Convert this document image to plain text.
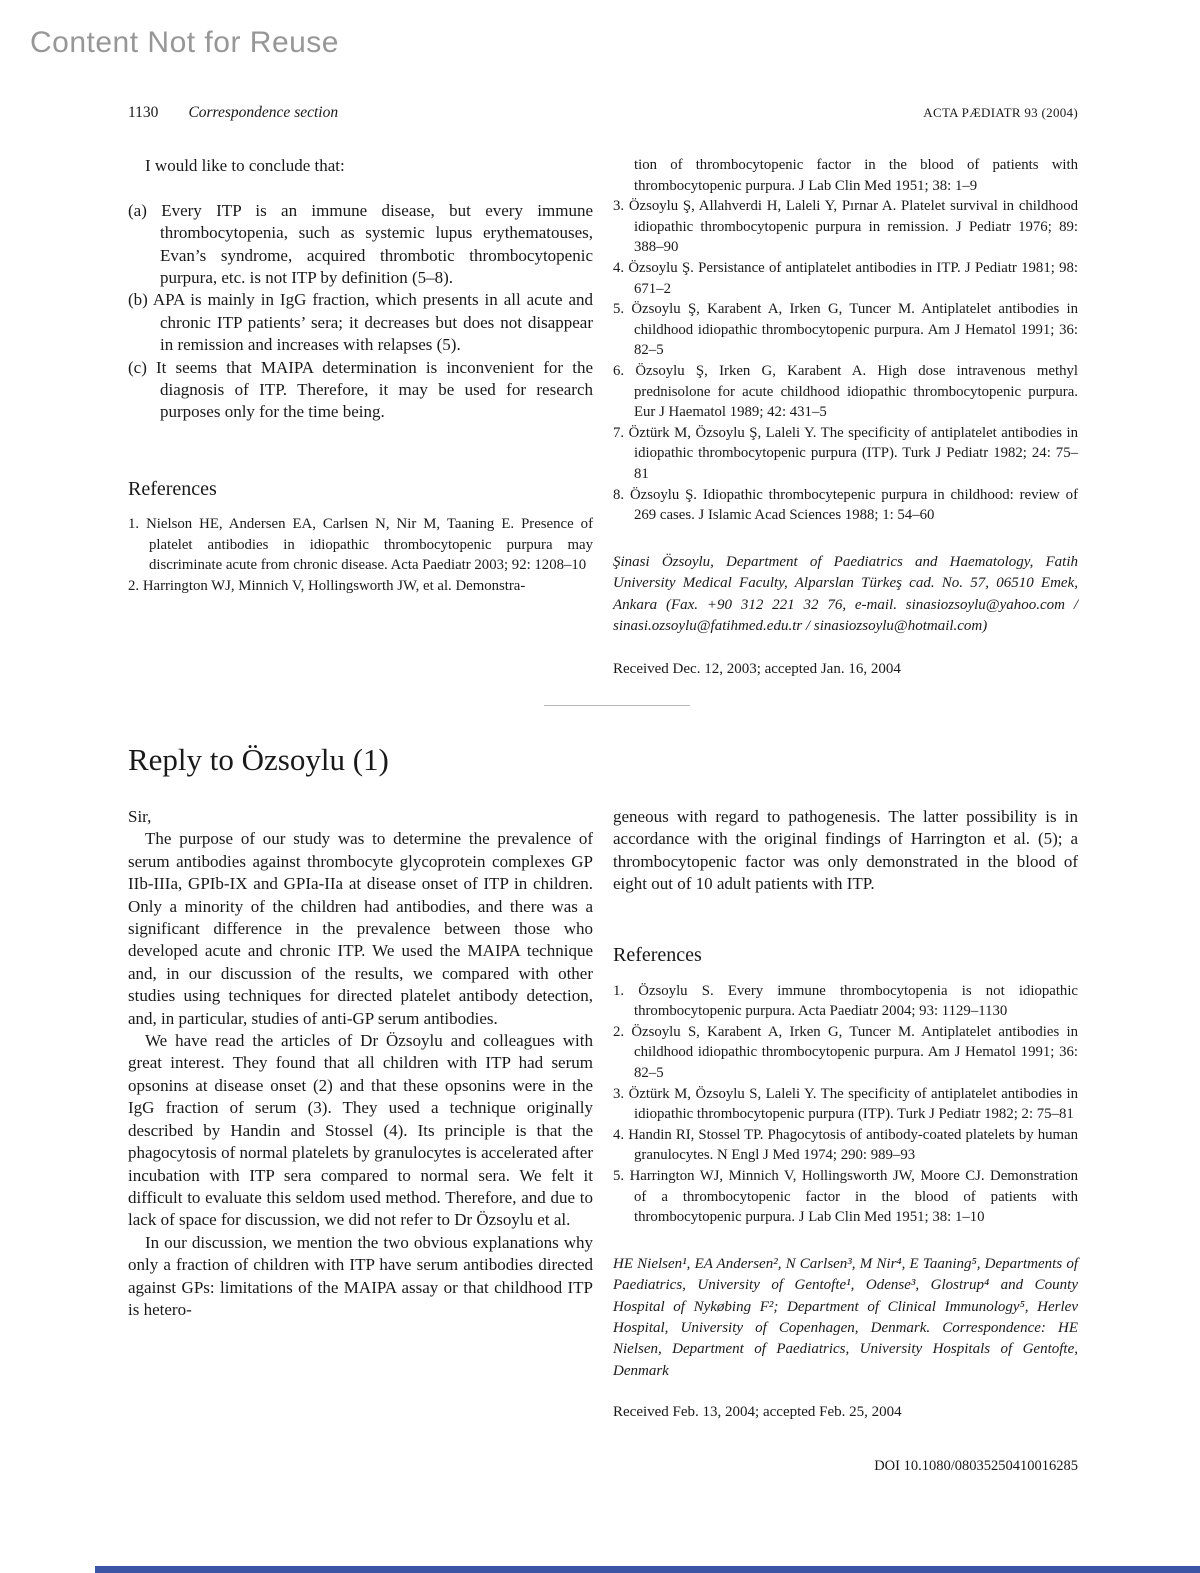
Content Not for Reuse
1130 Correspondence section	ACTA PÆDIATR 93 (2004)
I would like to conclude that:
(a) Every ITP is an immune disease, but every immune thrombocytopenia, such as systemic lupus erythematouses, Evan’s syndrome, acquired thrombotic thrombocytopenic purpura, etc. is not ITP by definition (5–8).
(b) APA is mainly in IgG fraction, which presents in all acute and chronic ITP patients’ sera; it decreases but does not disappear in remission and increases with relapses (5).
(c) It seems that MAIPA determination is inconvenient for the diagnosis of ITP. Therefore, it may be used for research purposes only for the time being.
References
1. Nielson HE, Andersen EA, Carlsen N, Nir M, Taaning E. Presence of platelet antibodies in idiopathic thrombocytopenic purpura may discriminate acute from chronic disease. Acta Paediatr 2003; 92: 1208–10
2. Harrington WJ, Minnich V, Hollingsworth JW, et al. Demonstra-
tion of thrombocytopenic factor in the blood of patients with thrombocytopenic purpura. J Lab Clin Med 1951; 38: 1–9
3. Özsoylu Ş, Allahverdi H, Laleli Y, Pırnar A. Platelet survival in childhood idiopathic thrombocytopenic purpura in remission. J Pediatr 1976; 89: 388–90
4. Özsoylu Ş. Persistance of antiplatelet antibodies in ITP. J Pediatr 1981; 98: 671–2
5. Özsoylu Ş, Karabent A, Irken G, Tuncer M. Antiplatelet antibodies in childhood idiopathic thrombocytopenic purpura. Am J Hematol 1991; 36: 82–5
6. Özsoylu Ş, Irken G, Karabent A. High dose intravenous methyl prednisolone for acute childhood idiopathic thrombocytopenic purpura. Eur J Haematol 1989; 42: 431–5
7. Öztürk M, Özsoylu Ş, Laleli Y. The specificity of antiplatelet antibodies in idiopathic thrombocytopenic purpura (ITP). Turk J Pediatr 1982; 24: 75–81
8. Özsoylu Ş. Idiopathic thrombocytepenic purpura in childhood: review of 269 cases. J Islamic Acad Sciences 1988; 1: 54–60
Şinasi Özsoylu, Department of Paediatrics and Haematology, Fatih University Medical Faculty, Alparslan Türkeş cad. No. 57, 06510 Emek, Ankara (Fax. +90 312 221 32 76, e-mail. sinasiozsoylu@yahoo.com / sinasi.ozsoylu@fatihmed.edu.tr / sinasiozsoylu@hotmail.com)
Received Dec. 12, 2003; accepted Jan. 16, 2004
Reply to Özsoylu (1)
Sir,
The purpose of our study was to determine the prevalence of serum antibodies against thrombocyte glycoprotein complexes GP IIb-IIIa, GPIb-IX and GPIa-IIa at disease onset of ITP in children. Only a minority of the children had antibodies, and there was a significant difference in the prevalence between those who developed acute and chronic ITP. We used the MAIPA technique and, in our discussion of the results, we compared with other studies using techniques for directed platelet antibody detection, and, in particular, studies of anti-GP serum antibodies.
We have read the articles of Dr Özsoylu and colleagues with great interest. They found that all children with ITP had serum opsonins at disease onset (2) and that these opsonins were in the IgG fraction of serum (3). They used a technique originally described by Handin and Stossel (4). Its principle is that the phagocytosis of normal platelets by granulocytes is accelerated after incubation with ITP sera compared to normal sera. We felt it difficult to evaluate this seldom used method. Therefore, and due to lack of space for discussion, we did not refer to Dr Özsoylu et al.
In our discussion, we mention the two obvious explanations why only a fraction of children with ITP have serum antibodies directed against GPs: limitations of the MAIPA assay or that childhood ITP is hetero-
geneous with regard to pathogenesis. The latter possibility is in accordance with the original findings of Harrington et al. (5); a thrombocytopenic factor was only demonstrated in the blood of eight out of 10 adult patients with ITP.
References
1. Özsoylu S. Every immune thrombocytopenia is not idiopathic thrombocytopenic purpura. Acta Paediatr 2004; 93: 1129–1130
2. Özsoylu S, Karabent A, Irken G, Tuncer M. Antiplatelet antibodies in childhood idiopathic thrombocytopenic purpura. Am J Hematol 1991; 36: 82–5
3. Öztürk M, Özsoylu S, Laleli Y. The specificity of antiplatelet antibodies in idiopathic thrombocytopenic purpura (ITP). Turk J Pediatr 1982; 2: 75–81
4. Handin RI, Stossel TP. Phagocytosis of antibody-coated platelets by human granulocytes. N Engl J Med 1974; 290: 989–93
5. Harrington WJ, Minnich V, Hollingsworth JW, Moore CJ. Demonstration of a thrombocytopenic factor in the blood of patients with thrombocytopenic purpura. J Lab Clin Med 1951; 38: 1–10
HE Nielsen¹, EA Andersen², N Carlsen³, M Nir⁴, E Taaning⁵, Departments of Paediatrics, University of Gentofte¹, Odense³, Glostrup⁴ and County Hospital of Nykøbing F²; Department of Clinical Immunology⁵, Herlev Hospital, University of Copenhagen, Denmark. Correspondence: HE Nielsen, Department of Paediatrics, University Hospitals of Gentofte, Denmark
Received Feb. 13, 2004; accepted Feb. 25, 2004
DOI 10.1080/08035250410016285
